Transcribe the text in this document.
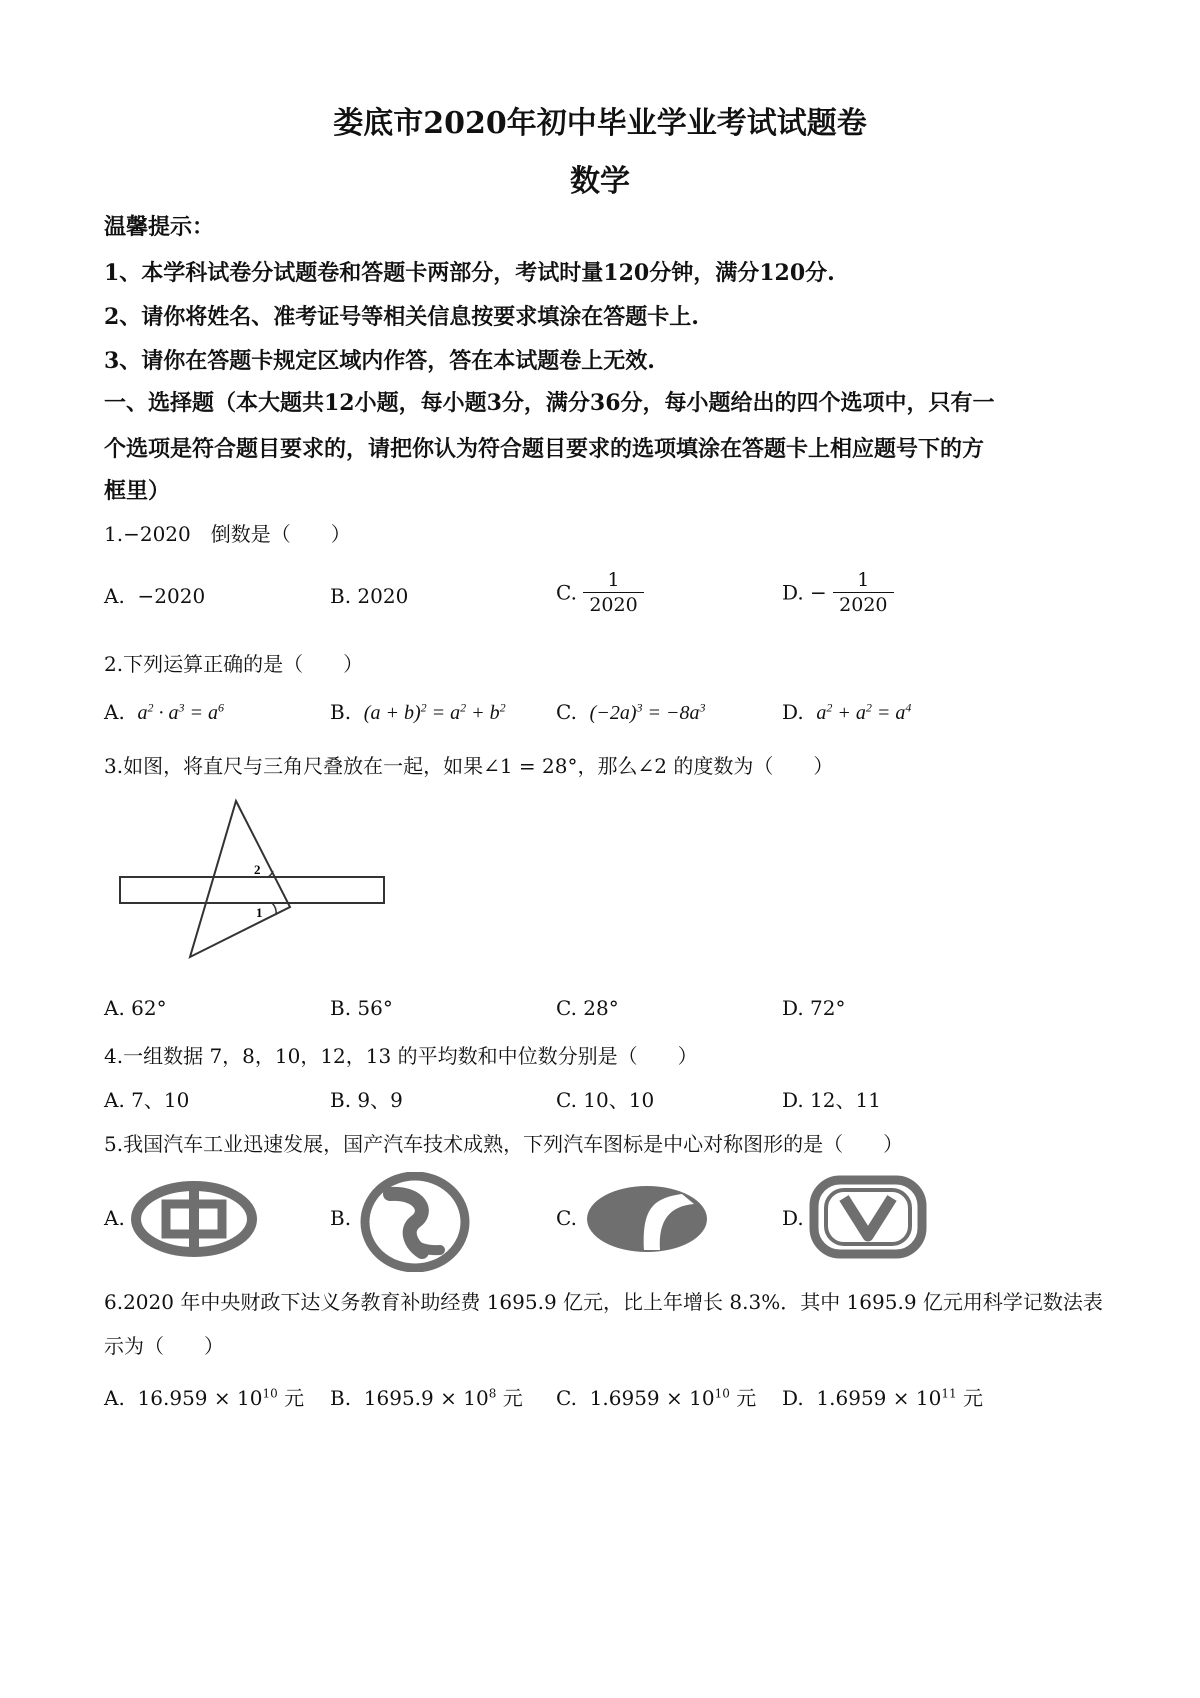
娄底市2020年初中毕业学业考试试题卷
数学
温馨提示：
1、本学科试卷分试题卷和答题卡两部分，考试时量120分钟，满分120分.
2、请你将姓名、准考证号等相关信息按要求填涂在答题卡上.
3、请你在答题卡规定区域内作答，答在本试题卷上无效.
一、选择题（本大题共12小题，每小题3分，满分36分，每小题给出的四个选项中，只有一
个选项是符合题目要求的，请把你认为符合题目要求的选项填涂在答题卡上相应题号下的方
框里）
1.−2020　倒数是（　　）
A. −2020	B. 2020	C. $\frac{1}{2020}$	D. − $\frac{1}{2020}$
2.下列运算正确的是（　　）
A. $a^2 \cdot a^3 = a^6$	B. $(a + b)^2 = a^2 + b^2$	C. $(-2a)^3 = -8a^3$	D. $a^2 + a^2 = a^4$
3.如图，将直尺与三角尺叠放在一起，如果∠1 = 28°，那么∠2 的度数为（　　）
2
1
A. 62°	B. 56°	C. 28°	D. 72°
4.一组数据 7，8，10，12，13 的平均数和中位数分别是（　　）
A. 7、10	B. 9、9	C. 10、10	D. 12、11
5.我国汽车工业迅速发展，国产汽车技术成熟，下列汽车图标是中心对称图形的是（　　）
A.	B.	C.	D.
6.2020 年中央财政下达义务教育补助经费 1695.9 亿元，比上年增长 8.3%．其中 1695.9 亿元用科学记数法表
示为（　　）
A. $16.959 \times 10^{10}$ 元 B. $1695.9 \times 10^8$ 元 C. $1.6959 \times 10^{10}$ 元 D. $1.6959 \times 10^{11}$ 元
